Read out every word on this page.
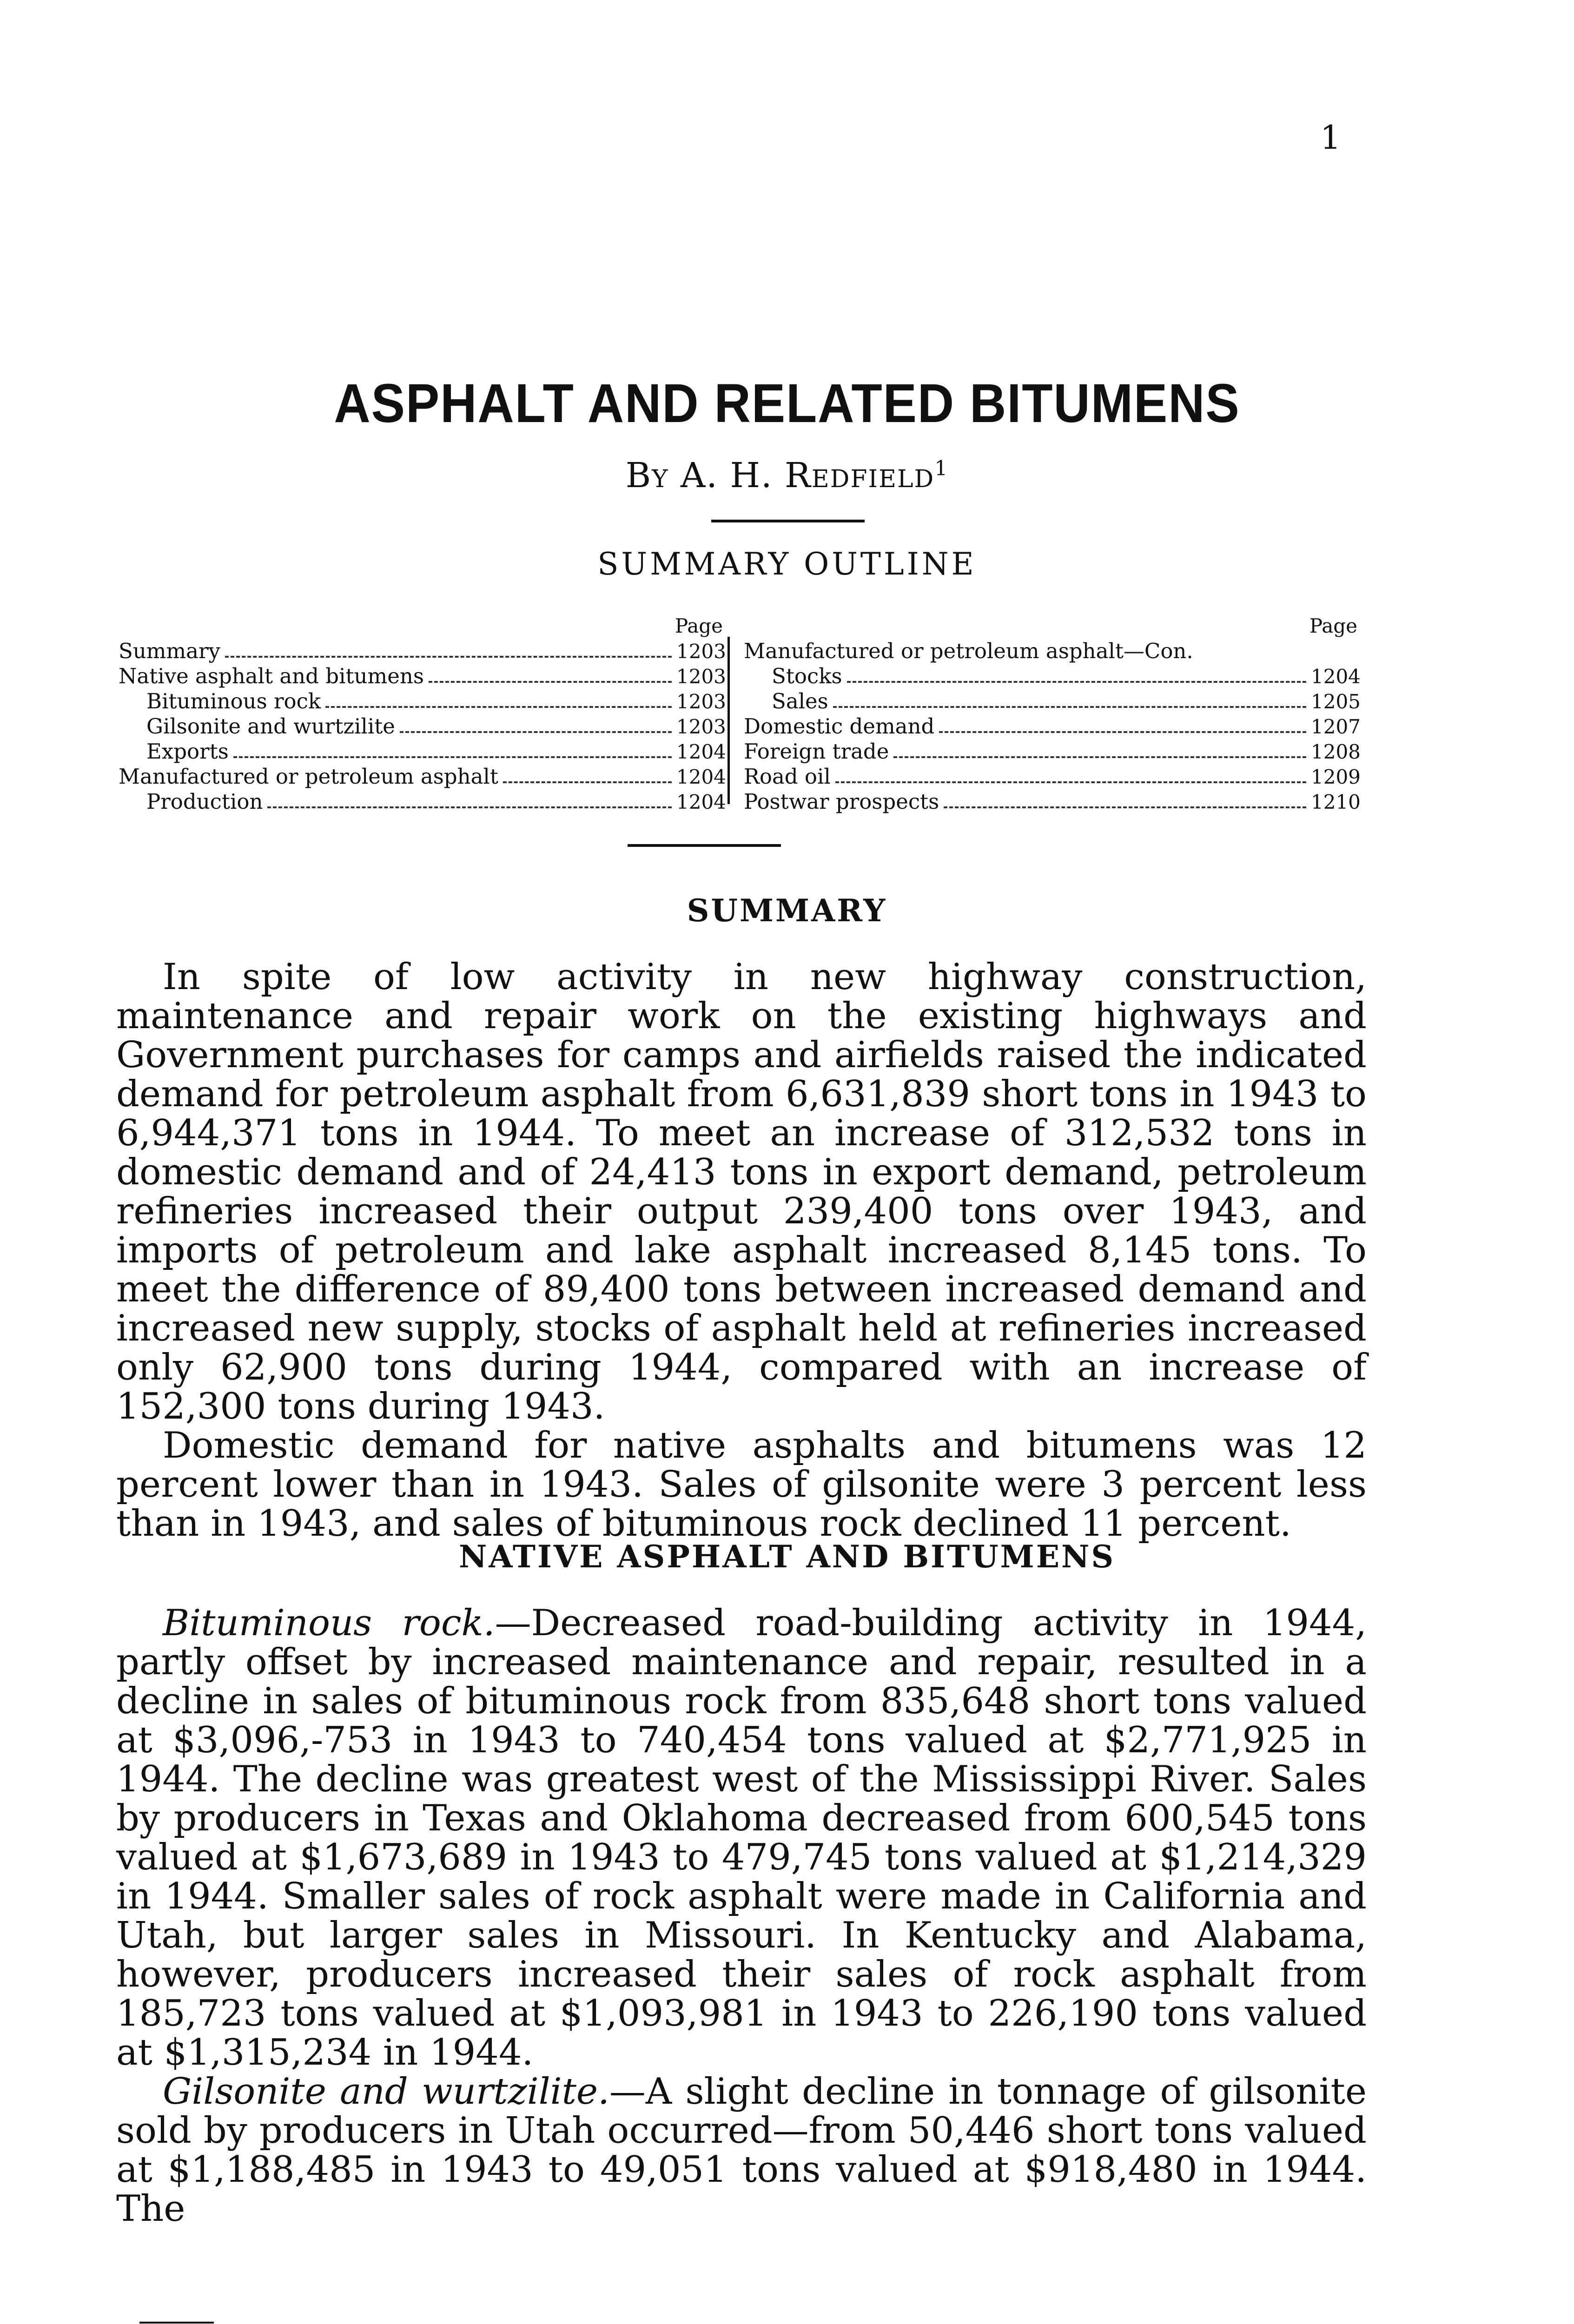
1
ASPHALT AND RELATED BITUMENS
By A. H. Redfield$^1$
SUMMARY OUTLINE
Page
Summary	1203
Native asphalt and bitumens	1203
Bituminous rock	1203
Gilsonite and wurtzilite	1203
Exports	1204
Manufactured or petroleum asphalt	1204
Production	1204
Page
Manufactured or petroleum asphalt—Con.
Stocks	1204
Sales	1205
Domestic demand	1207
Foreign trade	1208
Road oil	1209
Postwar prospects	1210
SUMMARY

In spite of low activity in new highway construction, maintenance and repair work on the existing highways and Government purchases for camps and airfields raised the indicated demand for petroleum asphalt from 6,631,839 short tons in 1943 to 6,944,371 tons in 1944. To meet an increase of 312,532 tons in domestic demand and of 24,413 tons in export demand, petroleum refineries increased their output 239,400 tons over 1943, and imports of petroleum and lake asphalt increased 8,145 tons. To meet the difference of 89,400 tons between increased demand and increased new supply, stocks of asphalt held at refineries increased only 62,900 tons during 1944, compared with an increase of 152,300 tons during 1943.

Domestic demand for native asphalts and bitumens was 12 percent lower than in 1943. Sales of gilsonite were 3 percent less than in 1943, and sales of bituminous rock declined 11 percent.

NATIVE ASPHALT AND BITUMENS

Bituminous rock.—Decreased road-building activity in 1944, partly offset by increased maintenance and repair, resulted in a decline in sales of bituminous rock from 835,648 short tons valued at $3,096,-753 in 1943 to 740,454 tons valued at $2,771,925 in 1944. The decline was greatest west of the Mississippi River. Sales by producers in Texas and Oklahoma decreased from 600,545 tons valued at $1,673,689 in 1943 to 479,745 tons valued at $1,214,329 in 1944. Smaller sales of rock asphalt were made in California and Utah, but larger sales in Missouri. In Kentucky and Alabama, however, producers increased their sales of rock asphalt from 185,723 tons valued at $1,093,981 in 1943 to 226,190 tons valued at $1,315,234 in 1944.

Gilsonite and wurtzilite.—A slight decline in tonnage of gilsonite sold by producers in Utah occurred—from 50,446 short tons valued at $1,188,485 in 1943 to 49,051 tons valued at $918,480 in 1944. The
